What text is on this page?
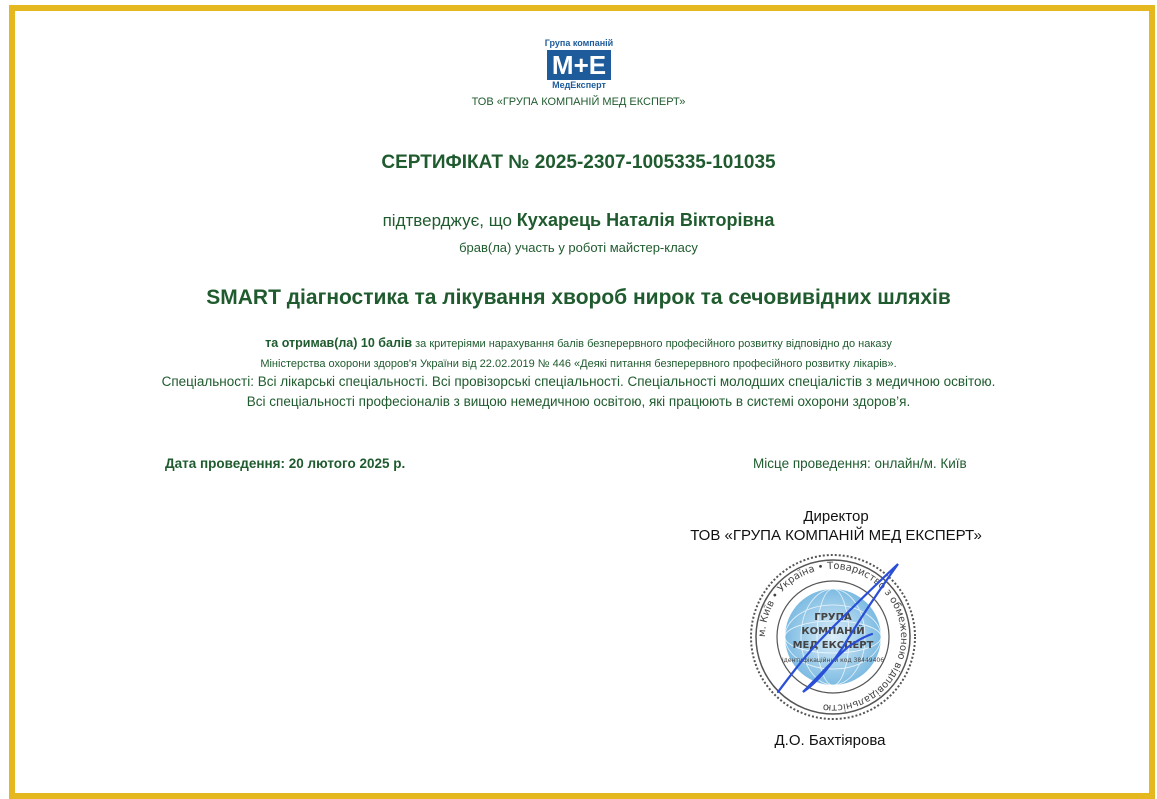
Група компаній
M+E
МедЕксперт
ТОВ «ГРУПА КОМПАНІЙ МЕД ЕКСПЕРТ»
СЕРТИФІКАТ № 2025-2307-1005335-101035
підтверджує, що Кухарець Наталія Вікторівна
брав(ла) участь у роботі майстер-класу
SMART діагностика та лікування хвороб нирок та сечовивідних шляхів
та отримав(ла) 10 балів за критеріями нарахування балів безперервного професійного розвитку відповідно до наказу
Міністерства охорони здоров'я України від 22.02.2019 № 446 «Деякі питання безперервного професійного розвитку лікарів».
Спеціальності: Всі лікарські спеціальності. Всі провізорські спеціальності. Спеціальності молодших спеціалістів з медичною освітою.
Всі спеціальності професіоналів з вищою немедичною освітою, які працюють в системі охорони здоров’я.
Дата проведення: 20 лютого 2025 р.	Місце проведення: онлайн/м. Київ
Директор
ТОВ «ГРУПА КОМПАНІЙ МЕД ЕКСПЕРТ»
м. Київ • Україна • Товариство з обмеженою відповідальністю
ГРУПА
КОМПАНІЙ
МЕД ЕКСПЕРТ
ідентифікаційний код 38449406
Д.О. Бахтіярова
